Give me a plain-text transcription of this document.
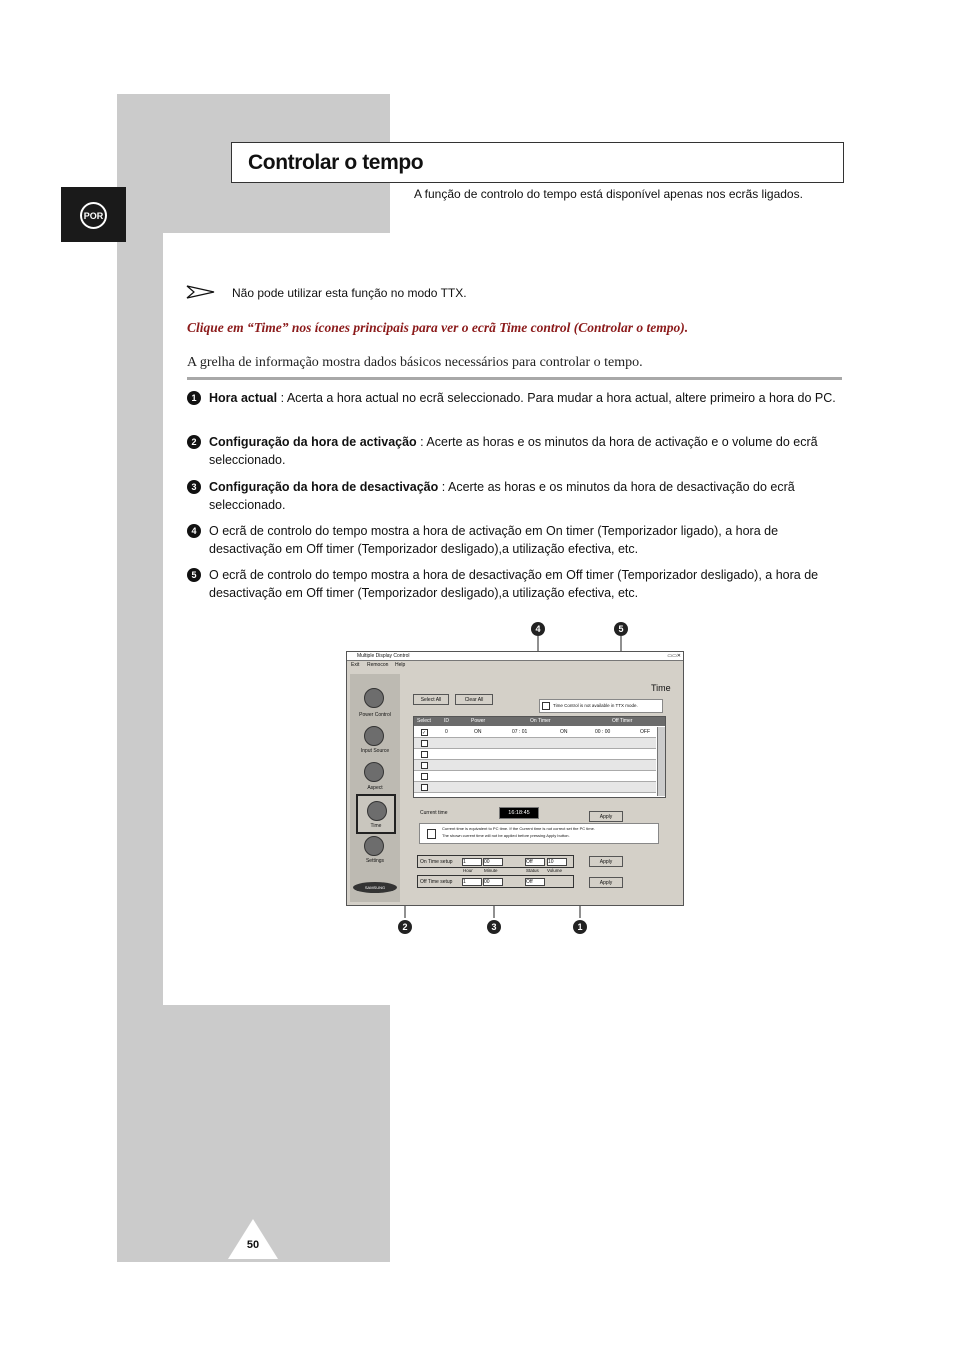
POR
Controlar o tempo
A função de controlo do tempo está disponível apenas nos ecrãs ligados.
Não pode utilizar esta função no modo TTX.
Clique em “Time” nos ícones principais para ver o ecrã Time control (Controlar o tempo).
A grelha de informação mostra dados básicos necessários para controlar o tempo.
1	Hora actual : Acerta a hora actual no ecrã seleccionado. Para mudar a hora actual, altere primeiro a hora do PC.
2	Configuração da hora de activação : Acerte as horas e os minutos da hora de activação e o volume do ecrã seleccionado.
3	Configuração da hora de desactivação : Acerte as horas e os minutos da hora de desactivação do ecrã seleccionado.
4	O ecrã de controlo do tempo mostra a hora de activação em On timer (Temporizador ligado), a hora de desactivação em Off timer (Temporizador desligado),a utilização efectiva, etc.
5	O ecrã de controlo do tempo mostra a hora de desactivação em Off timer (Temporizador desligado), a hora de desactivação em Off timer (Temporizador desligado),a utilização efectiva, etc.
4	5
2	3	1
Multiple Display Control	▭▭✕
Exit Remocon Help
Power Control
Input Source
Aspect
Time
Settings
SAMSUNG
Select All	Clear All
Time
Time Control is not available in TTX mode.
Select	ID	Power	On Timer	Off Timer
✓	0	ON	07 : 01	ON	00 : 00	OFF
Current time	16:18:45
Apply
Current time is equivalent to PC time. If the Current time is not correct set the PC time.
The shown current time will not be applied before pressing Apply button.
On Time setup 1	00	Off	10
Hour Minute	Status Volume
Off Time setup 1	00	Off
Apply
Apply
50
